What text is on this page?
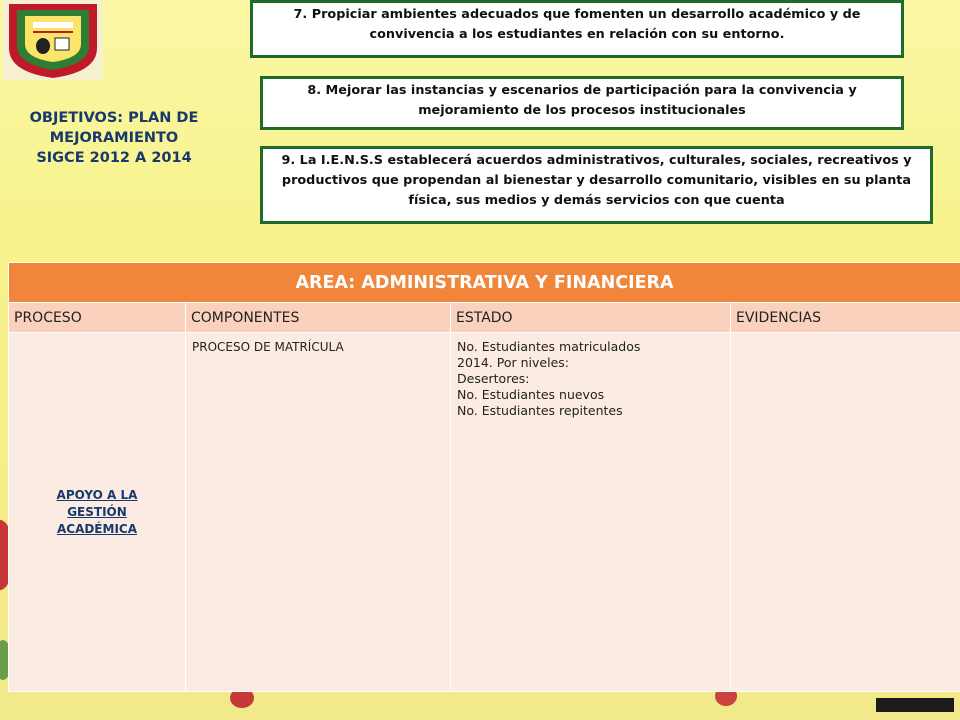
OBJETIVOS: PLAN DE
MEJORAMIENTO
SIGCE 2012 A 2014
7. Propiciar ambientes adecuados que fomenten un desarrollo académico y de convivencia a los estudiantes en relación con su entorno.
8. Mejorar las instancias y escenarios de participación para la convivencia y mejoramiento de los procesos institucionales
9. La I.E.N.S.S establecerá acuerdos administrativos, culturales, sociales, recreativos y productivos que propendan al bienestar y desarrollo comunitario, visibles en su planta física, sus medios y demás servicios con que cuenta
AREA: ADMINISTRATIVA Y FINANCIERA			
PROCESO	COMPONENTES	ESTADO	EVIDENCIAS

APOYO A LA
GESTIÓN
ACADÉMICA	PROCESO DE MATRÍCULA	No. Estudiantes matriculados
2014. Por niveles:
Desertores:
No. Estudiantes nuevos
No. Estudiantes repitentes	
